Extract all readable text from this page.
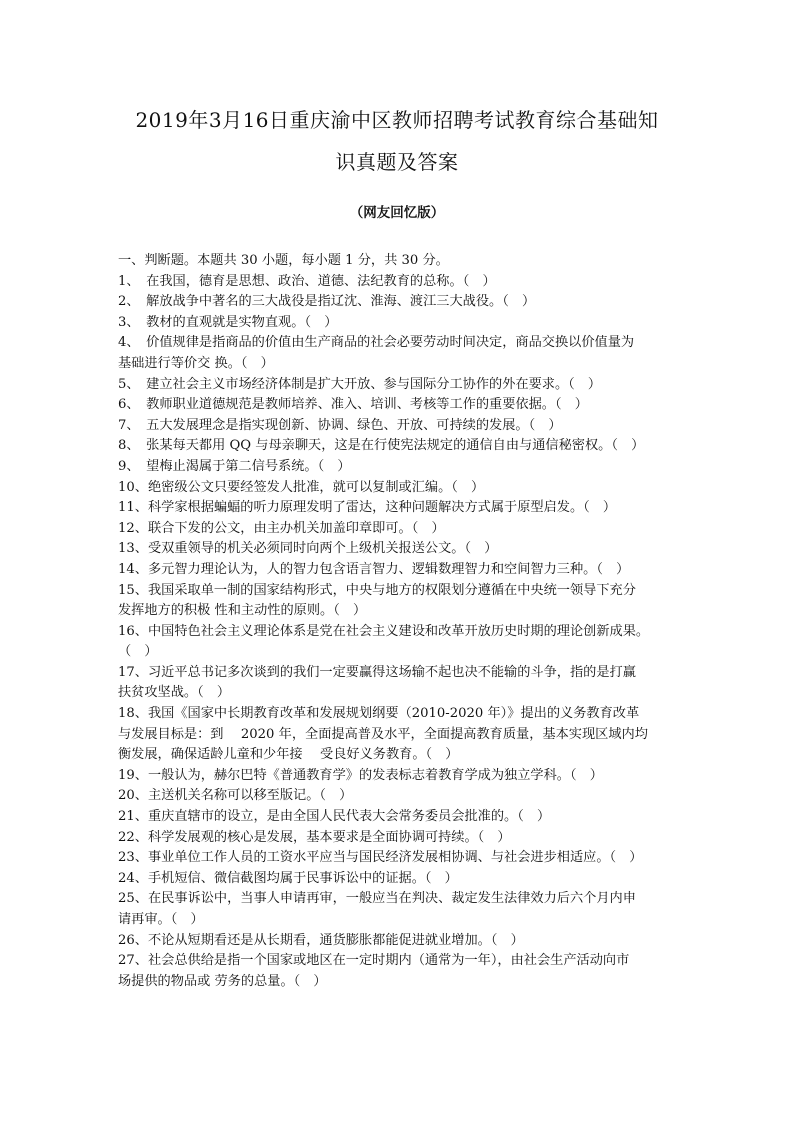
2019年3月16日重庆渝中区教师招聘考试教育综合基础知
识真题及答案
（网友回忆版）
一、判断题。本题共 30 小题，每小题 1 分，共 30 分。
1、　在我国，德育是思想、政治、道德、法纪教育的总称。（　）
2、　解放战争中著名的三大战役是指辽沈、淮海、渡江三大战役。（　）
3、　教材的直观就是实物直观。（　）
4、　价值规律是指商品的价值由生产商品的社会必要劳动时间决定，商品交换以价值量为
基础进行等价交 换。（　）
5、　建立社会主义市场经济体制是扩大开放、参与国际分工协作的外在要求。（　）
6、　教师职业道德规范是教师培养、准入、培训、考核等工作的重要依据。（　）
7、　五大发展理念是指实现创新、协调、绿色、开放、可持续的发展。（　）
8、　张某每天都用 QQ 与母亲聊天，这是在行使宪法规定的通信自由与通信秘密权。（　）
9、　望梅止渴属于第二信号系统。（　）
10、绝密级公文只要经签发人批准，就可以复制或汇编。（　）
11、科学家根据蝙蝠的听力原理发明了雷达，这种问题解决方式属于原型启发。（　）
12、联合下发的公文，由主办机关加盖印章即可。（　）
13、受双重领导的机关必须同时向两个上级机关报送公文。（　）
14、多元智力理论认为，人的智力包含语言智力、逻辑数理智力和空间智力三种。（　）
15、我国采取单一制的国家结构形式，中央与地方的权限划分遵循在中央统一领导下充分
发挥地方的积极 性和主动性的原则。（　）
16、中国特色社会主义理论体系是党在社会主义建设和改革开放历史时期的理论创新成果。
（　）
17、习近平总书记多次谈到的我们一定要赢得这场输不起也决不能输的斗争，指的是打赢
扶贫攻坚战。（　）
18、我国《国家中长期教育改革和发展规划纲要（2010-2020 年）》提出的义务教育改革
与发展目标是：到　 2020 年，全面提高普及水平，全面提高教育质量，基本实现区域内均
衡发展，确保适龄儿童和少年接　 受良好义务教育。（　）
19、一般认为，赫尔巴特《普通教育学》的发表标志着教育学成为独立学科。（　）
20、主送机关名称可以移至版记。（　）
21、重庆直辖市的设立，是由全国人民代表大会常务委员会批准的。（　）
22、科学发展观的核心是发展，基本要求是全面协调可持续。（　）
23、事业单位工作人员的工资水平应当与国民经济发展相协调、与社会进步相适应。（　）
24、手机短信、微信截图均属于民事诉讼中的证据。（　）
25、在民事诉讼中，当事人申请再审，一般应当在判决、裁定发生法律效力后六个月内申
请再审。（　）
26、不论从短期看还是从长期看，通货膨胀都能促进就业增加。（　）
27、社会总供给是指一个国家或地区在一定时期内（通常为一年），由社会生产活动向市
场提供的物品或 劳务的总量。（　）
